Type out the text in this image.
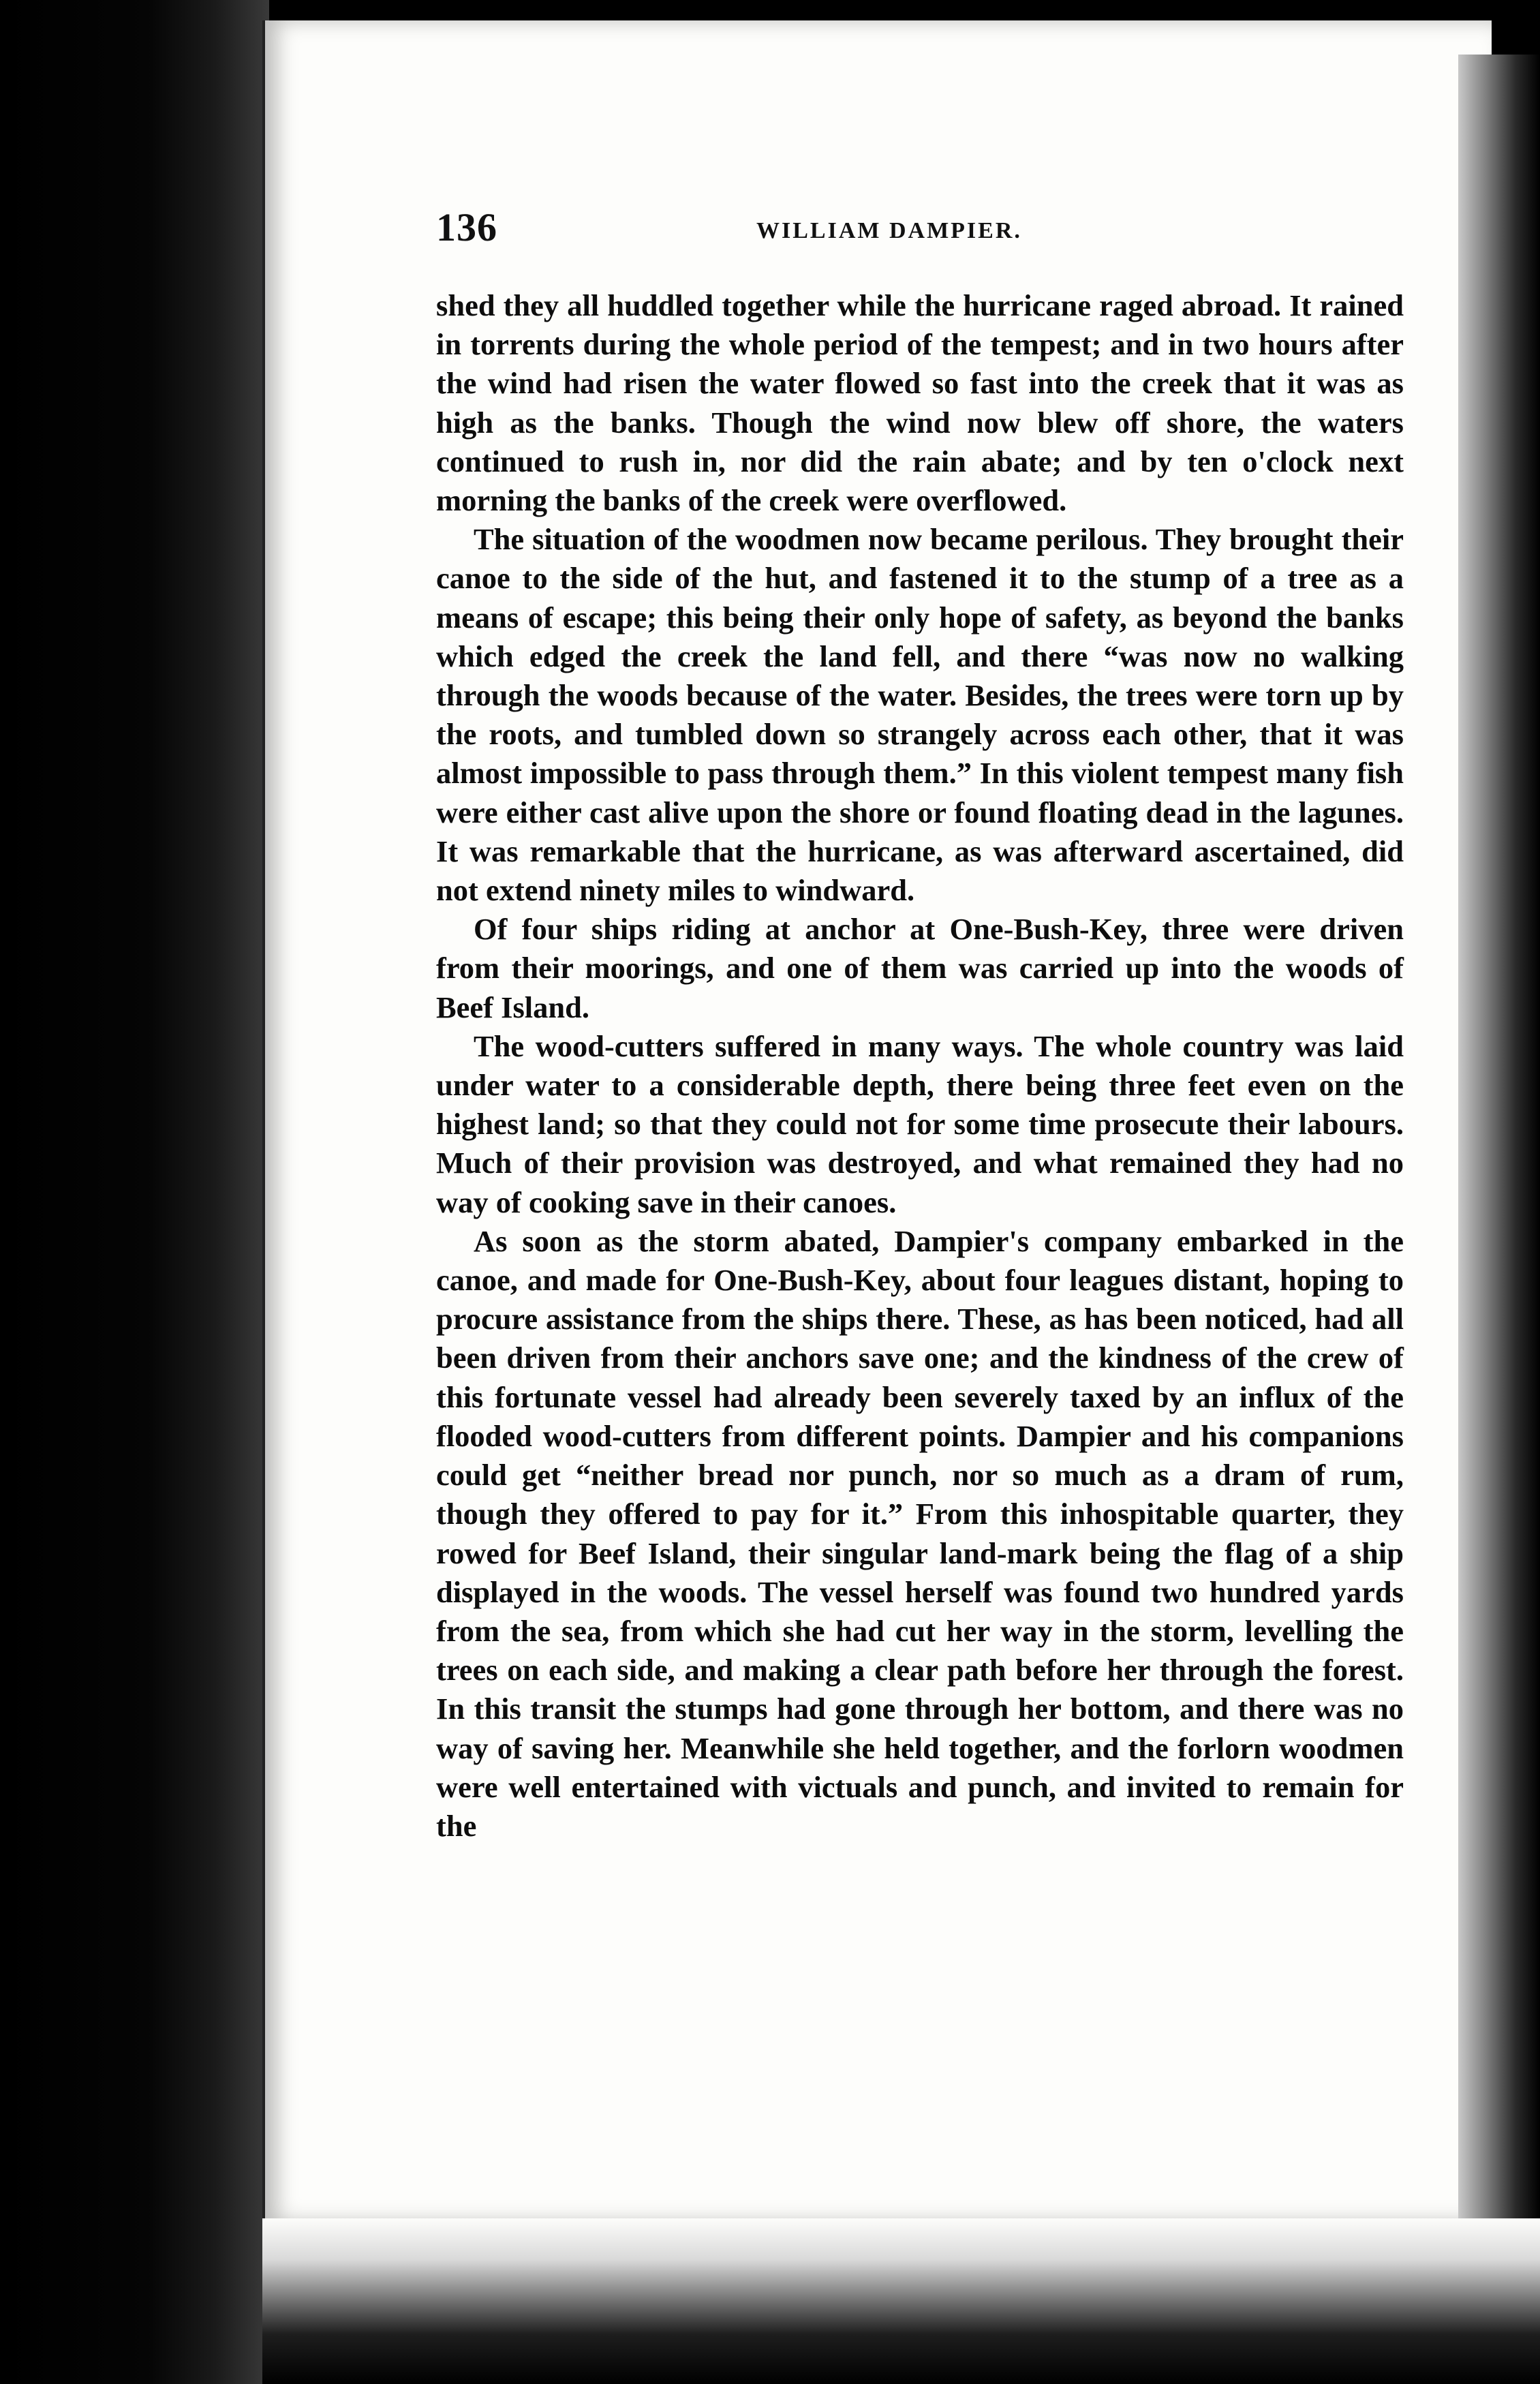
136	WILLIAM DAMPIER.

shed they all huddled together while the hurricane raged abroad. It rained in torrents during the whole period of the tempest; and in two hours after the wind had risen the water flowed so fast into the creek that it was as high as the banks. Though the wind now blew off shore, the waters continued to rush in, nor did the rain abate; and by ten o'clock next morning the banks of the creek were overflowed.

The situation of the woodmen now became perilous. They brought their canoe to the side of the hut, and fastened it to the stump of a tree as a means of escape; this being their only hope of safety, as beyond the banks which edged the creek the land fell, and there “was now no walking through the woods because of the water. Besides, the trees were torn up by the roots, and tumbled down so strangely across each other, that it was almost impossible to pass through them.” In this violent tempest many fish were either cast alive upon the shore or found floating dead in the lagunes. It was remarkable that the hurricane, as was afterward ascertained, did not extend ninety miles to windward.

Of four ships riding at anchor at One-Bush-Key, three were driven from their moorings, and one of them was carried up into the woods of Beef Island.

The wood-cutters suffered in many ways. The whole country was laid under water to a considerable depth, there being three feet even on the highest land; so that they could not for some time prosecute their labours. Much of their provision was destroyed, and what remained they had no way of cooking save in their canoes.

As soon as the storm abated, Dampier's company embarked in the canoe, and made for One-Bush-Key, about four leagues distant, hoping to procure assistance from the ships there. These, as has been noticed, had all been driven from their anchors save one; and the kindness of the crew of this fortunate vessel had already been severely taxed by an influx of the flooded wood-cutters from different points. Dampier and his companions could get “neither bread nor punch, nor so much as a dram of rum, though they offered to pay for it.” From this inhospitable quarter, they rowed for Beef Island, their singular land-mark being the flag of a ship displayed in the woods. The vessel herself was found two hundred yards from the sea, from which she had cut her way in the storm, levelling the trees on each side, and making a clear path before her through the forest. In this transit the stumps had gone through her bottom, and there was no way of saving her. Meanwhile she held together, and the forlorn woodmen were well entertained with victuals and punch, and invited to remain for the
